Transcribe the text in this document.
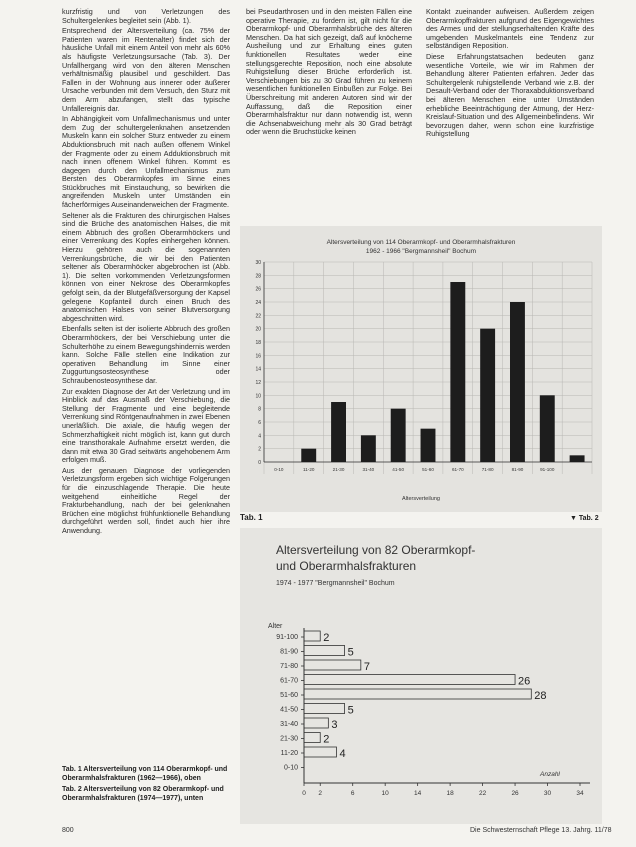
kurzfristig und von Verletzungen des Schultergelenkes begleitet sein (Abb. 1).

Entsprechend der Altersverteilung (ca. 75% der Patienten waren im Rentenalter) findet sich der häusliche Unfall mit einem Anteil von mehr als 60% als häufigste Verletzungsursache (Tab. 3). Der Unfallhergang wird von den älteren Menschen verhältnismäßig plausibel und geschildert. Das Fallen in der Wohnung aus innerer oder äußerer Ursache verbunden mit dem Versuch, den Sturz mit dem Arm abzufangen, stellt das typische Unfallereignis dar.

In Abhängigkeit vom Unfallmechanismus und unter dem Zug der schultergelenknahen ansetzenden Muskeln kann ein solcher Sturz entweder zu einem Abduktionsbruch mit nach außen offenem Winkel der Fragmente oder zu einem Adduktionsbruch mit nach innen offenem Winkel führen. Kommt es dagegen durch den Unfallmechanismus zum Bersten des Oberarmkopfes im Sinne eines Stückbruches mit Einstauchung, so bewirken die angreifenden Muskeln unter Umständen ein fächerförmiges Auseinanderweichen der Fragmente.

Seltener als die Frakturen des chirurgischen Halses sind die Brüche des anatomischen Halses, die mit einem Abbruch des großen Oberarmhöckers und einer Verrenkung des Kopfes einhergehen können. Hierzu gehören auch die sogenannten Verrenkungsbrüche, die wir bei den Patienten seltener als Oberarmhöcker abgebrochen ist (Abb. 1). Die selten vorkommenden Verletzungsformen können von einer Nekrose des Oberarmkopfes gefolgt sein, da der Blutgefäßversorgung der Kapsel gelegene Kopfanteil durch einen Bruch des anatomischen Halses von seiner Blutversorgung abgeschnitten wird.

Ebenfalls selten ist der isolierte Abbruch des großen Oberarmhöckers, der bei Verschiebung unter die Schulterhöhe zu einem Bewegungshindernis werden kann. Solche Fälle stellen eine Indikation zur operativen Behandlung im Sinne einer Zuggurtungsosteosynthese oder Schraubenosteosynthese dar.

Zur exakten Diagnose der Art der Verletzung und im Hinblick auf das Ausmaß der Verschiebung, die Stellung der Fragmente und eine begleitende Verrenkung sind Röntgenaufnahmen in zwei Ebenen unerläßlich. Die axiale, die häufig wegen der Schmerzhaftigkeit nicht möglich ist, kann gut durch eine transthorakale Aufnahme ersetzt werden, die dann mit etwa 30 Grad seitwärts angehobenem Arm erfolgen muß.

Aus der genauen Diagnose der vorliegenden Verletzungsform ergeben sich wichtige Folgerungen für die einzuschlagende Therapie. Die heute weitgehend einheitliche Regel der Frakturbehandlung, nach der bei gelenknahen Brüchen eine möglichst frühfunktionelle Behandlung durchgeführt werden soll, findet auch hier ihre Anwendung.

bei Pseudarthrosen und in den meisten Fällen eine operative Therapie, zu fordern ist, gilt nicht für die Oberarmkopf- und Oberarmhalsbrüche des älteren Menschen. Da hat sich gezeigt, daß auf knöcherne Ausheilung und zur Erhaltung eines guten funktionellen Resultates weder eine stellungsgerechte Reposition, noch eine absolute Ruhigstellung dieser Brüche erforderlich ist. Verschiebungen bis zu 30 Grad führen zu keinem wesentlichen funktionellen Einbußen zur Folge. Bei Überschreitung mit anderen Autoren sind wir der Auffassung, daß die Reposition einer Oberarmhalsfraktur nur dann notwendig ist, wenn die Achsenabweichung mehr als 30 Grad beträgt oder wenn die Bruchstücke keinen

Kontakt zueinander aufweisen. Außerdem zeigen Oberarmkopffrakturen aufgrund des Eigengewichtes des Armes und der stellungserhaltenden Kräfte des umgebenden Muskelmantels eine Tendenz zur selbständigen Reposition.

Diese Erfahrungstatsachen bedeuten ganz wesentliche Vorteile, wie wir im Rahmen der Behandlung älterer Patienten erfahren. Jeder das Schultergelenk ruhigstellende Verband wie z.B. der Desault-Verband oder der Thoraxabduktionsverband bei älteren Menschen eine unter Umständen erhebliche Beeinträchtigung der Atmung, der Herz-Kreislauf-Situation und des Allgemeinbefindens. Wir bevorzugen daher, wenn schon eine kurzfristige Ruhigstellung

Altersverteilung von 114 Oberarmkopf- und Oberarmhalsfrakturen
1962 - 1966 "Bergmannsheil" Bochum
Altersverteilung
0
2
4
6
8
10
12
14
16
18
20
22
24
26
28
30
0-10	11-20	21-30	31-40	41-50	51-60	61-70	71-80	81-90	91-100
Tab. 1	▼ Tab. 2
Altersverteilung von 82 Oberarmkopf-
und Oberarmhalsfrakturen
1974 - 1977 "Bergmannsheil" Bochum
Alter
Anzahl
91-100 2
81-90	5
71-80	7
61-70	26
51-60	28
41-50	5
31-40	3
21-30 2
11-20	4
0-10
0 2	6	10	14	18	22	26	30	34
Tab. 1 Altersverteilung von 114 Oberarmkopf- und Oberarmhalsfrakturen (1962—1966), oben
Tab. 2 Altersverteilung von 82 Oberarmkopf- und Oberarmhalsfrakturen (1974—1977), unten
800	Die Schwesternschaft Pflege 13. Jahrg. 11/78
